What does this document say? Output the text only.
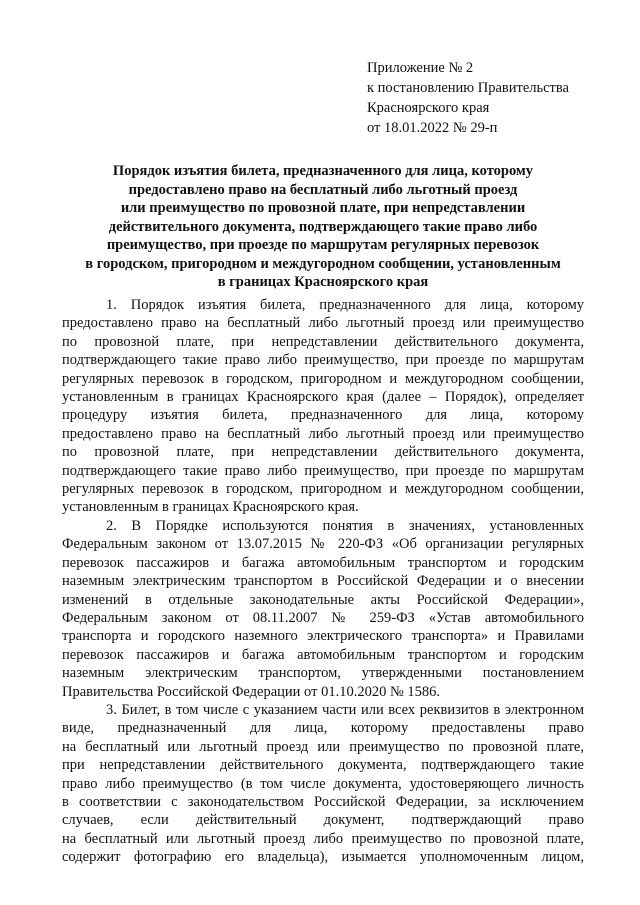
Приложение № 2
к постановлению Правительства
Красноярского края
от 18.01.2022 № 29-п
Порядок изъятия билета, предназначенного для лица, которому
предоставлено право на бесплатный либо льготный проезд
или преимущество по провозной плате, при непредставлении
действительного документа, подтверждающего такие право либо
преимущество, при проезде по маршрутам регулярных перевозок
в городском, пригородном и междугородном сообщении, установленным
в границах Красноярского края
1. Порядок изъятия билета, предназначенного для лица, которому
предоставлено право на бесплатный либо льготный проезд или преимущество
по провозной плате, при непредставлении действительного документа,
подтверждающего такие право либо преимущество, при проезде по маршрутам
регулярных перевозок в городском, пригородном и междугородном сообщении,
установленным в границах Красноярского края (далее – Порядок), определяет
процедуру изъятия билета, предназначенного для лица, которому
предоставлено право на бесплатный либо льготный проезд или преимущество
по провозной плате, при непредставлении действительного документа,
подтверждающего такие право либо преимущество, при проезде по маршрутам
регулярных перевозок в городском, пригородном и междугородном сообщении,
установленным в границах Красноярского края.
2. В Порядке используются понятия в значениях, установленных
Федеральным законом от 13.07.2015 № 220-ФЗ «Об организации регулярных
перевозок пассажиров и багажа автомобильным транспортом и городским
наземным электрическим транспортом в Российской Федерации и о внесении
изменений в отдельные законодательные акты Российской Федерации»,
Федеральным законом от 08.11.2007 № 259-ФЗ «Устав автомобильного
транспорта и городского наземного электрического транспорта» и Правилами
перевозок пассажиров и багажа автомобильным транспортом и городским
наземным электрическим транспортом, утвержденными постановлением
Правительства Российской Федерации от 01.10.2020 № 1586.
3. Билет, в том числе с указанием части или всех реквизитов в электронном
виде, предназначенный для лица, которому предоставлены право
на бесплатный или льготный проезд или преимущество по провозной плате,
при непредставлении действительного документа, подтверждающего такие
право либо преимущество (в том числе документа, удостоверяющего личность
в соответствии с законодательством Российской Федерации, за исключением
случаев, если действительный документ, подтверждающий право
на бесплатный или льготный проезд либо преимущество по провозной плате,
содержит фотографию его владельца), изымается уполномоченным лицом,
